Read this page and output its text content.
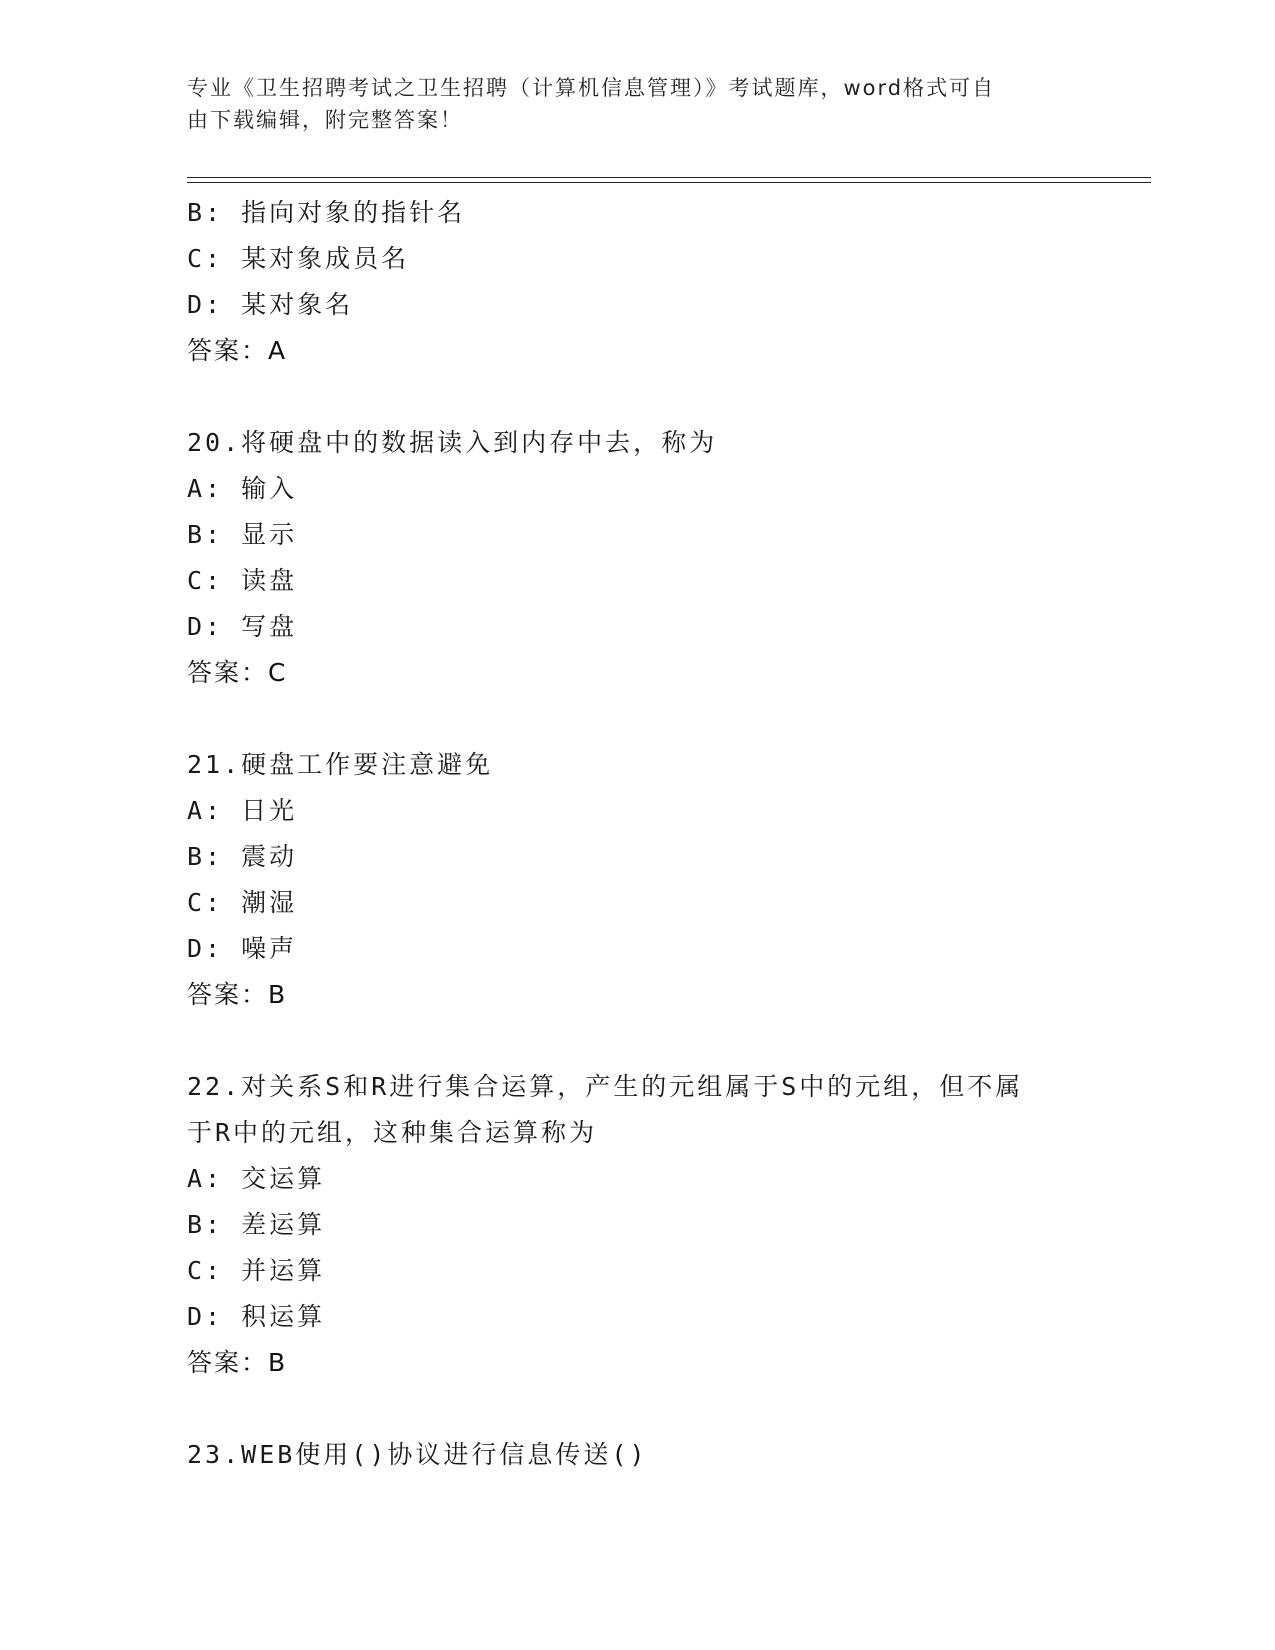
专业《卫生招聘考试之卫生招聘（计算机信息管理）》考试题库，word格式可自
由下载编辑，附完整答案！
B: 指向对象的指针名
C: 某对象成员名
D: 某对象名
答案：A
20.将硬盘中的数据读入到内存中去，称为
A: 输入
B: 显示
C: 读盘
D: 写盘
答案：C
21.硬盘工作要注意避免
A: 日光
B: 震动
C: 潮湿
D: 噪声
答案：B
22.对关系S和R进行集合运算，产生的元组属于S中的元组，但不属
于R中的元组，这种集合运算称为
A: 交运算
B: 差运算
C: 并运算
D: 积运算
答案：B
23.WEB使用()协议进行信息传送()
